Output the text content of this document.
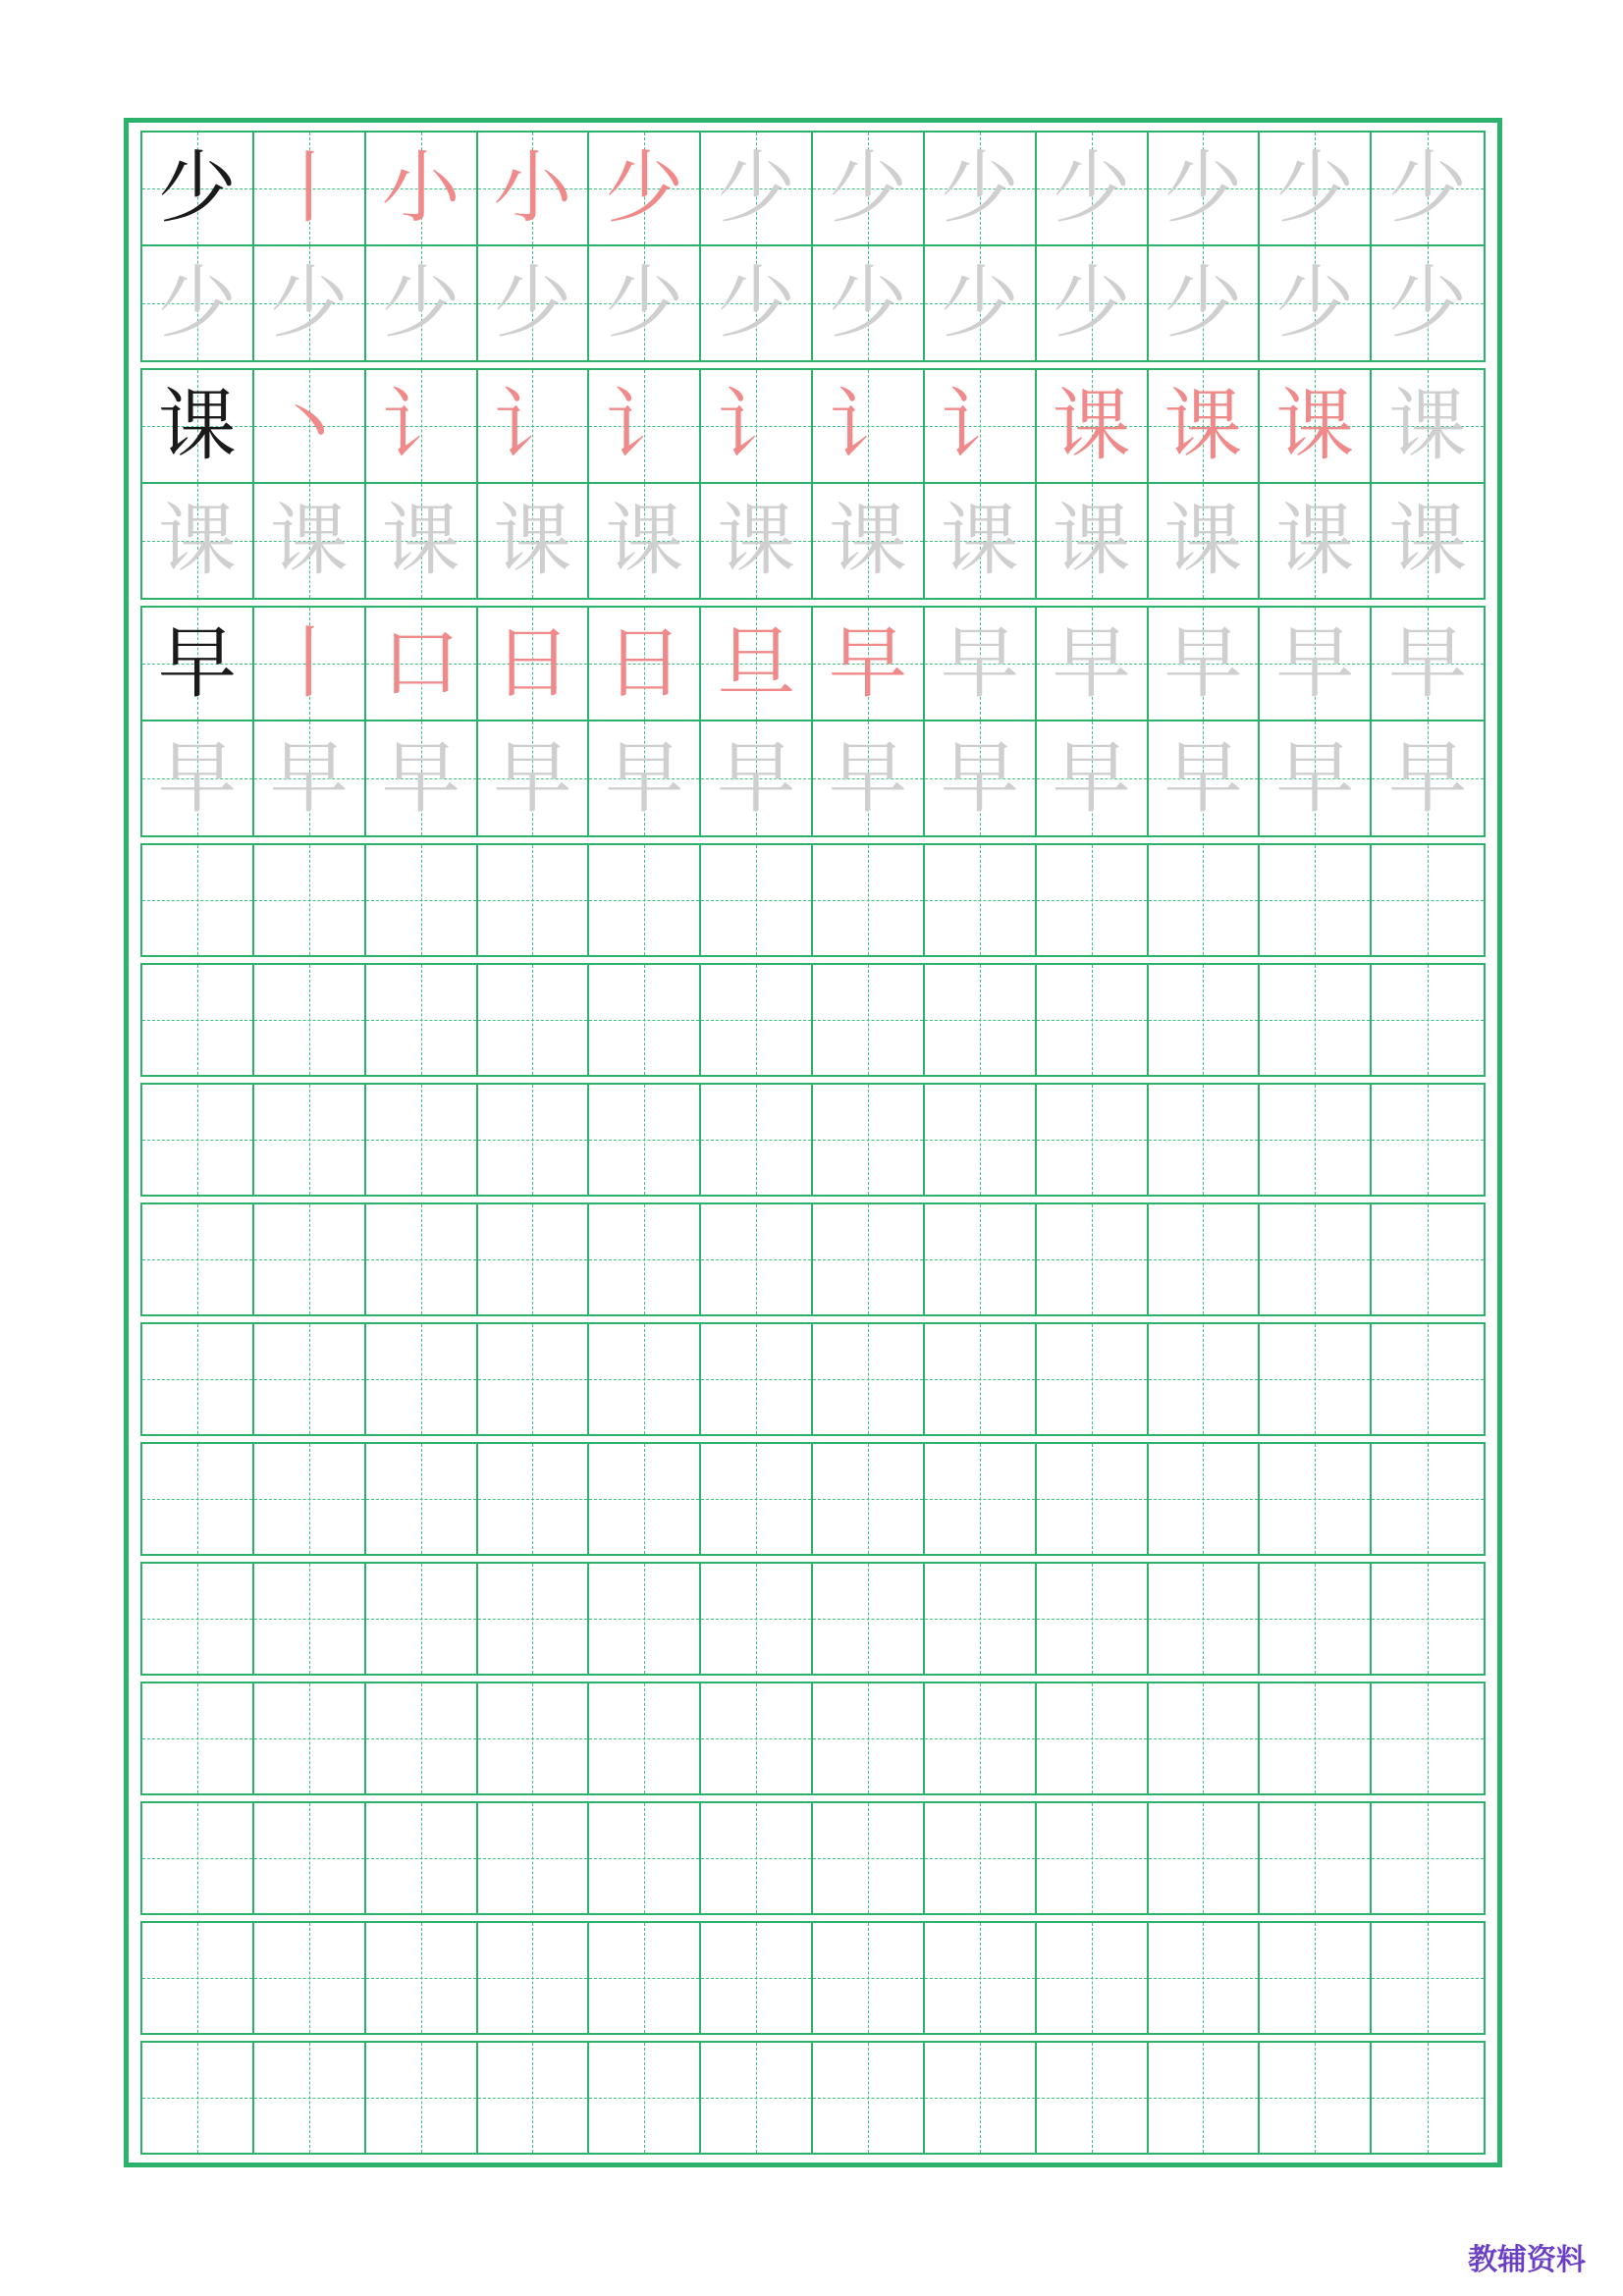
少 丨 小 小 少 少 少 少 少 少 少 少
少 少 少 少 少 少 少 少 少 少 少 少
课 丶 讠 讠 讠 讠 讠 讠 课 课 课 课
课 课 课 课 课 课 课 课 课 课 课 课
早 丨 口 日 日 旦 早 早 早 早 早 早
早 早 早 早 早 早 早 早 早 早 早 早
教辅资料
